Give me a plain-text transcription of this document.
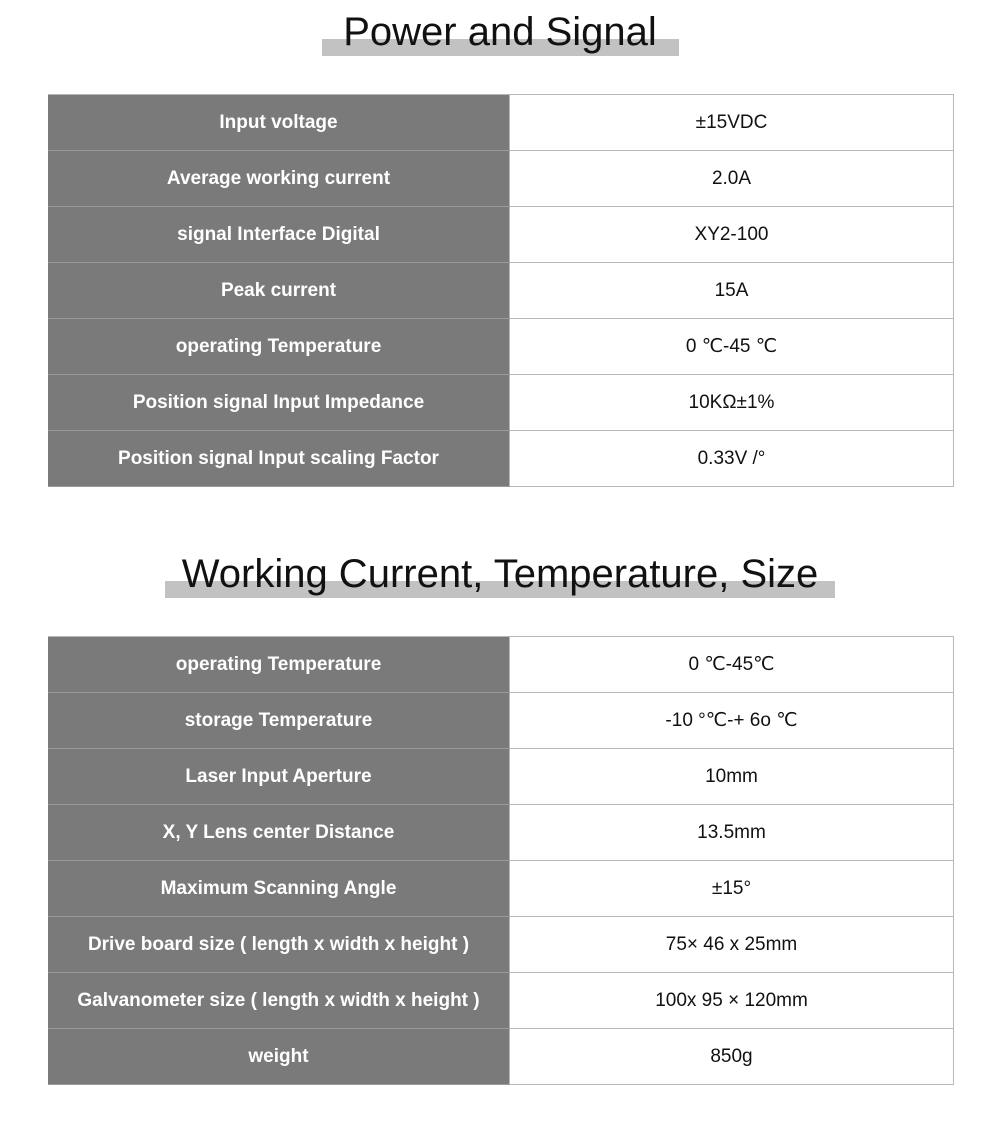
Power and Signal
Input voltage	±15VDC
Average working current	2.0A
signal Interface Digital	XY2-100
Peak current	15A
operating Temperature	0 ℃-45 ℃
Position signal Input Impedance	10KΩ±1%
Position signal Input scaling Factor	0.33V /°
Working Current, Temperature, Size
operating Temperature	0 ℃-45℃
storage Temperature	-10 °℃-+ 6o ℃
Laser Input Aperture	10mm
X, Y Lens center Distance	13.5mm
Maximum Scanning Angle	±15°
Drive board size ( length x width x height )	75× 46 x 25mm
Galvanometer size ( length x width x height )	100x 95 × 120mm
weight	850g
